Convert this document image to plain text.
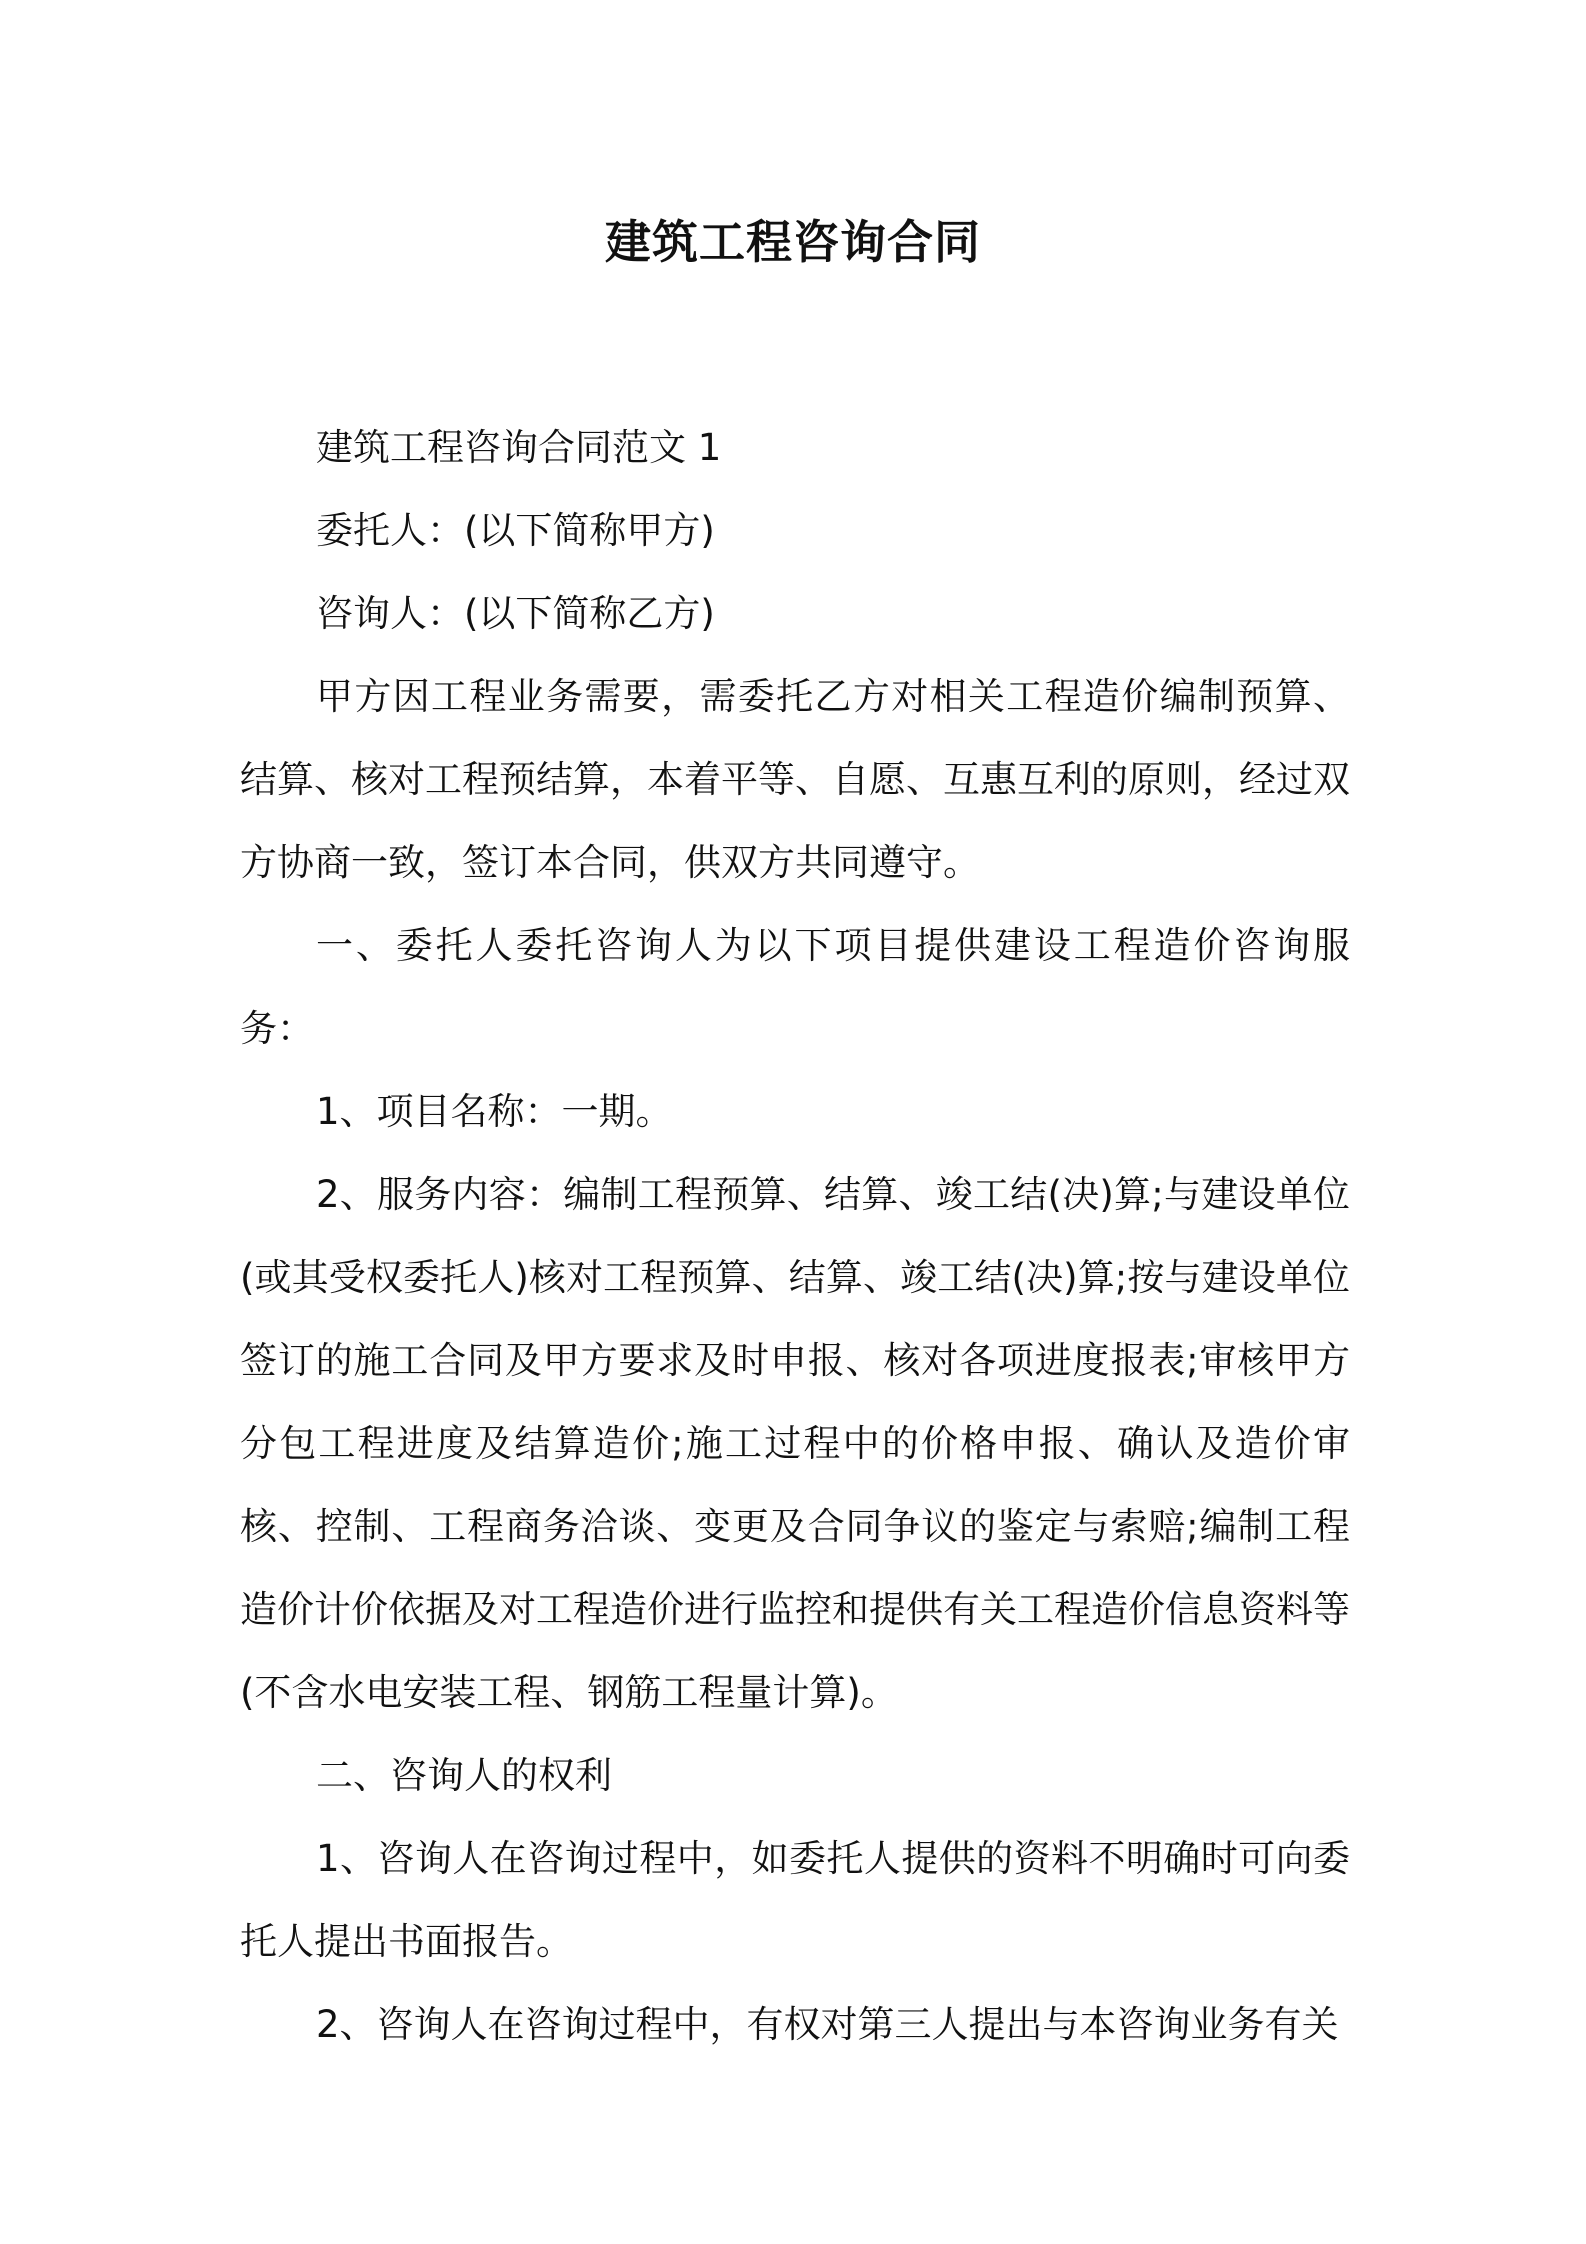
建筑工程咨询合同

建筑工程咨询合同范文 1

委托人：(以下简称甲方)

咨询人：(以下简称乙方)

甲方因工程业务需要，需委托乙方对相关工程造价编制预算、结算、核对工程预结算，本着平等、自愿、互惠互利的原则，经过双方协商一致，签订本合同，供双方共同遵守。

一、委托人委托咨询人为以下项目提供建设工程造价咨询服务：

1、项目名称：一期。

2、服务内容：编制工程预算、结算、竣工结(决)算;与建设单位(或其受权委托人)核对工程预算、结算、竣工结(决)算;按与建设单位签订的施工合同及甲方要求及时申报、核对各项进度报表;审核甲方分包工程进度及结算造价;施工过程中的价格申报、确认及造价审核、控制、工程商务洽谈、变更及合同争议的鉴定与索赔;编制工程造价计价依据及对工程造价进行监控和提供有关工程造价信息资料等(不含水电安装工程、钢筋工程量计算)。

二、咨询人的权利

1、咨询人在咨询过程中，如委托人提供的资料不明确时可向委托人提出书面报告。

2、咨询人在咨询过程中，有权对第三人提出与本咨询业务有关
